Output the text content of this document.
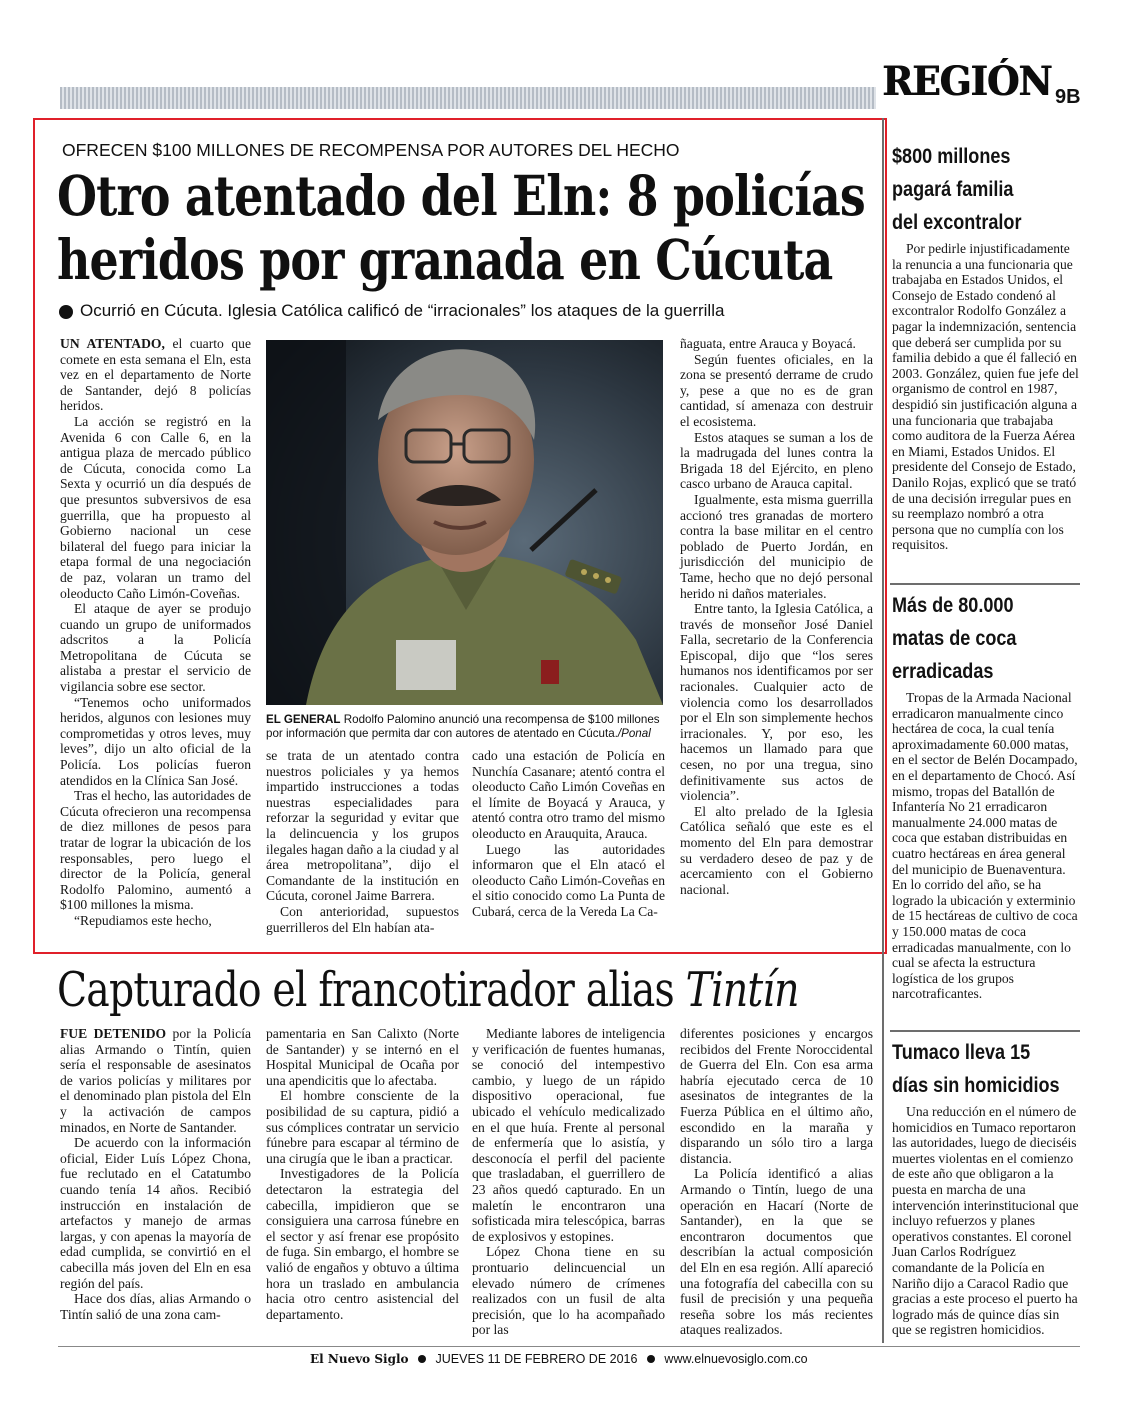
REGIÓN 9B
OFRECEN $100 MILLONES DE RECOMPENSA POR AUTORES DEL HECHO
Otro atentado del Eln: 8 policías
heridos por granada en Cúcuta
Ocurrió en Cúcuta. Iglesia Católica calificó de “irracionales” los ataques de la guerrilla

UN ATENTADO, el cuarto que comete en esta semana el Eln, esta vez en el departamento de Norte de Santander, dejó 8 policías heridos.

La acción se registró en la Avenida 6 con Calle 6, en la antigua plaza de mercado público de Cúcuta, conocida como La Sexta y ocurrió un día después de que presuntos subversivos de esa guerrilla, que ha propuesto al Gobierno nacional un cese bilateral del fuego para iniciar la etapa formal de una negociación de paz, volaran un tramo del oleoducto Caño Limón-Coveñas.

El ataque de ayer se produjo cuando un grupo de uniformados adscritos a la Policía Metropolitana de Cúcuta se alistaba a prestar el servicio de vigilancia sobre ese sector.

“Tenemos ocho uniformados heridos, algunos con lesiones muy comprometidas y otros leves, muy leves”, dijo un alto oficial de la Policía. Los policías fueron atendidos en la Clínica San José.

Tras el hecho, las autoridades de Cúcuta ofrecieron una recompensa de diez millones de pesos para tratar de lograr la ubicación de los responsables, pero luego el director de la Policía, general Rodolfo Palomino, aumentó a $100 millones la misma.

“Repudiamos este hecho,

EL GENERAL Rodolfo Palomino anunció una recompensa de $100 millones por información que permita dar con autores de atentado en Cúcuta./Ponal

se trata de un atentado contra nuestros policiales y ya hemos impartido instrucciones a todas nuestras especialidades para reforzar la seguridad y evitar que la delincuencia y los grupos ilegales hagan daño a la ciudad y al área metropolitana”, dijo el Comandante de la institución en Cúcuta, coronel Jaime Barrera.

Con anterioridad, supuestos guerrilleros del Eln habían ata-

cado una estación de Policía en Nunchía Casanare; atentó contra el oleoducto Caño Limón Coveñas en el límite de Boyacá y Arauca, y atentó contra otro tramo del mismo oleoducto en Arauquita, Arauca.

Luego las autoridades informaron que el Eln atacó el oleoducto Caño Limón-Coveñas en el sitio conocido como La Punta de Cubará, cerca de la Vereda La Ca-

ñaguata, entre Arauca y Boyacá.

Según fuentes oficiales, en la zona se presentó derrame de crudo y, pese a que no es de gran cantidad, sí amenaza con destruir el ecosistema.

Estos ataques se suman a los de la madrugada del lunes contra la Brigada 18 del Ejército, en pleno casco urbano de Arauca capital.

Igualmente, esta misma guerrilla accionó tres granadas de mortero contra la base militar en el centro poblado de Puerto Jordán, en jurisdicción del municipio de Tame, hecho que no dejó personal herido ni daños materiales.

Entre tanto, la Iglesia Católica, a través de monseñor José Daniel Falla, secretario de la Conferencia Episcopal, dijo que “los seres humanos nos identificamos por ser racionales. Cualquier acto de violencia como los desarrollados por el Eln son simplemente hechos irracionales. Y, por eso, les hacemos un llamado para que cesen, no por una tregua, sino definitivamente sus actos de violencia”.

El alto prelado de la Iglesia Católica señaló que este es el momento del Eln para demostrar su verdadero deseo de paz y de acercamiento con el Gobierno nacional.

Capturado el francotirador alias Tintín

FUE DETENIDO por la Policía alias Armando o Tintín, quien sería el responsable de asesinatos de varios policías y militares por el denominado plan pistola del Eln y la activación de campos minados, en Norte de Santander.

De acuerdo con la información oficial, Eider Luís López Chona, fue reclutado en el Catatumbo cuando tenía 14 años. Recibió instrucción en instalación de artefactos y manejo de armas largas, y con apenas la mayoría de edad cumplida, se convirtió en el cabecilla más joven del Eln en esa región del país.

Hace dos días, alias Armando o Tintín salió de una zona cam-

pamentaria en San Calixto (Norte de Santander) y se internó en el Hospital Municipal de Ocaña por una apendicitis que lo afectaba.

El hombre consciente de la posibilidad de su captura, pidió a sus cómplices contratar un servicio fúnebre para escapar al término de una cirugía que le iban a practicar.

Investigadores de la Policía detectaron la estrategia del cabecilla, impidieron que se consiguiera una carrosa fúnebre en el sector y así frenar ese propósito de fuga. Sin embargo, el hombre se valió de engaños y obtuvo a última hora un traslado en ambulancia hacia otro centro asistencial del departamento.

Mediante labores de inteligencia y verificación de fuentes humanas, se conoció del intempestivo cambio, y luego de un rápido dispositivo operacional, fue ubicado el vehículo medicalizado en el que huía. Frente al personal de enfermería que lo asistía, y desconocía el perfil del paciente que trasladaban, el guerrillero de 23 años quedó capturado. En un maletín le encontraron una sofisticada mira telescópica, barras de explosivos y estopines.

López Chona tiene en su prontuario delincuencial un elevado número de crímenes realizados con un fusil de alta precisión, que lo ha acompañado por las

diferentes posiciones y encargos recibidos del Frente Noroccidental de Guerra del Eln. Con esa arma habría ejecutado cerca de 10 asesinatos de integrantes de la Fuerza Pública en el último año, escondido en la maraña y disparando un sólo tiro a larga distancia.

La Policía identificó a alias Armando o Tintín, luego de una operación en Hacarí (Norte de Santander), en la que se encontraron documentos que describían la actual composición del Eln en esa región. Allí apareció una fotografía del cabecilla con su fusil de precisión y una pequeña reseña sobre los más recientes ataques realizados.

$800 millones
pagará familia
del excontralor

Por pedirle injustificadamente la renuncia a una funcionaria que trabajaba en Estados Unidos, el Consejo de Estado condenó al excontralor Rodolfo González a pagar la indemnización, sentencia que deberá ser cumplida por su familia debido a que él falleció en 2003. González, quien fue jefe del organismo de control en 1987, despidió sin justificación alguna a una funcionaria que trabajaba como auditora de la Fuerza Aérea en Miami, Estados Unidos. El presidente del Consejo de Estado, Danilo Rojas, explicó que se trató de una decisión irregular pues en su reemplazo nombró a otra persona que no cumplía con los requisitos.

Más de 80.000
matas de coca
erradicadas

Tropas de la Armada Nacional erradicaron manualmente cinco hectárea de coca, la cual tenía aproximadamente 60.000 matas, en el sector de Belén Docampado, en el departamento de Chocó. Así mismo, tropas del Batallón de Infantería No 21 erradicaron manualmente 24.000 matas de coca que estaban distribuidas en cuatro hectáreas en área general del municipio de Buenaventura. En lo corrido del año, se ha logrado la ubicación y exterminio de 15 hectáreas de cultivo de coca y 150.000 matas de coca erradicadas manualmente, con lo cual se afecta la estructura logística de los grupos narcotraficantes.

Tumaco lleva 15
días sin homicidios

Una reducción en el número de homicidios en Tumaco reportaron las autoridades, luego de dieciséis muertes violentas en el comienzo de este año que obligaron a la puesta en marcha de una intervención interinstitucional que incluyo refuerzos y planes operativos constantes. El coronel Juan Carlos Rodríguez comandante de la Policía en Nariño dijo a Caracol Radio que gracias a este proceso el puerto ha logrado más de quince días sin que se registren homicidios.

El Nuevo Siglo JUEVES 11 DE FEBRERO DE 2016 www.elnuevosiglo.com.co
